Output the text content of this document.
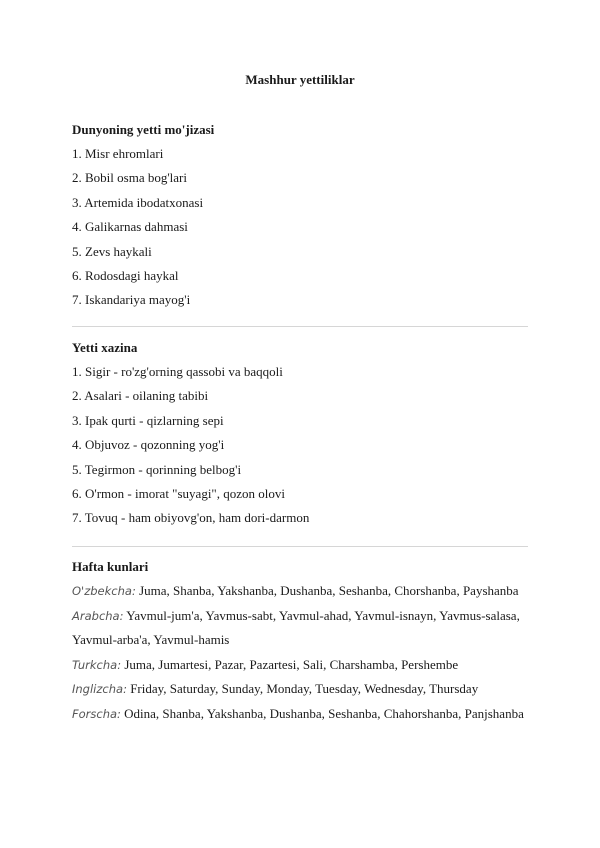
Mashhur yettiliklar
Dunyoning yetti mo'jizasi
1. Misr ehromlari
2. Bobil osma bog'lari
3. Artemida ibodatxonasi
4. Galikarnas dahmasi
5. Zevs haykali
6. Rodosdagi haykal
7. Iskandariya mayog'i
Yetti xazina
1. Sigir - ro'zg'orning qassobi va baqqoli
2. Asalari - oilaning tabibi
3. Ipak qurti - qizlarning sepi
4. Objuvoz - qozonning yog'i
5. Tegirmon - qorinning belbog'i
6. O'rmon - imorat "suyagi", qozon olovi
7. Tovuq - ham obiyovg'on, ham dori-darmon
Hafta kunlari
O'zbekcha: Juma, Shanba, Yakshanba, Dushanba, Seshanba, Chorshanba, Payshanba
Arabcha: Yavmul-jum'a, Yavmus-sabt, Yavmul-ahad, Yavmul-isnayn, Yavmus-salasa, Yavmul-arba'a, Yavmul-hamis
Turkcha: Juma, Jumartesi, Pazar, Pazartesi, Sali, Charshamba, Pershembe
Inglizcha: Friday, Saturday, Sunday, Monday, Tuesday, Wednesday, Thursday
Forscha: Odina, Shanba, Yakshanba, Dushanba, Seshanba, Chahorshanba, Panjshanba
